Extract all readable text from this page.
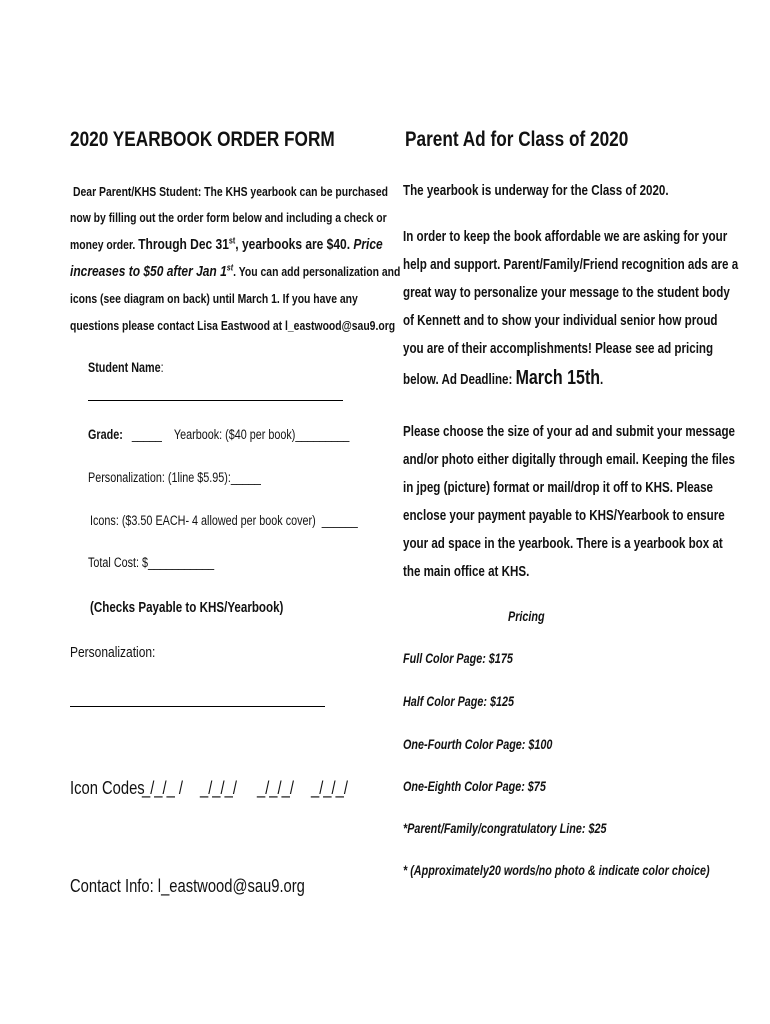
2020 YEARBOOK ORDER FORM
Dear Parent/KHS Student: The KHS yearbook can be purchased
now by filling out the order form below and including a check or
money order. Through Dec 31st, yearbooks are $40. Price
increases to $50 after Jan 1st. You can add personalization and
icons (see diagram on back) until March 1. If you have any
questions please contact Lisa Eastwood at l_eastwood@sau9.org
Student Name:
Grade: _____ Yearbook: ($40 per book)_________
Personalization: (1line $5.95):_____
Icons: ($3.50 EACH- 4 allowed per book cover) ______
Total Cost: $___________
(Checks Payable to KHS/Yearbook)
Personalization:
Icon Codes
_/_/_ / _/_/_/ _/_/_/ _/_/_/
Contact Info: l_eastwood@sau9.org
Parent Ad for Class of 2020
The yearbook is underway for the Class of 2020.
In order to keep the book affordable we are asking for your
help and support. Parent/Family/Friend recognition ads are a
great way to personalize your message to the student body
of Kennett and to show your individual senior how proud
you are of their accomplishments! Please see ad pricing
below. Ad Deadline: March 15th.
Please choose the size of your ad and submit your message
and/or photo either digitally through email. Keeping the files
in jpeg (picture) format or mail/drop it off to KHS. Please
enclose your payment payable to KHS/Yearbook to ensure
your ad space in the yearbook. There is a yearbook box at
the main office at KHS.
Pricing
Full Color Page: $175
Half Color Page: $125
One-Fourth Color Page: $100
One-Eighth Color Page: $75
*Parent/Family/congratulatory Line: $25
* (Approximately20 words/no photo & indicate color choice)
